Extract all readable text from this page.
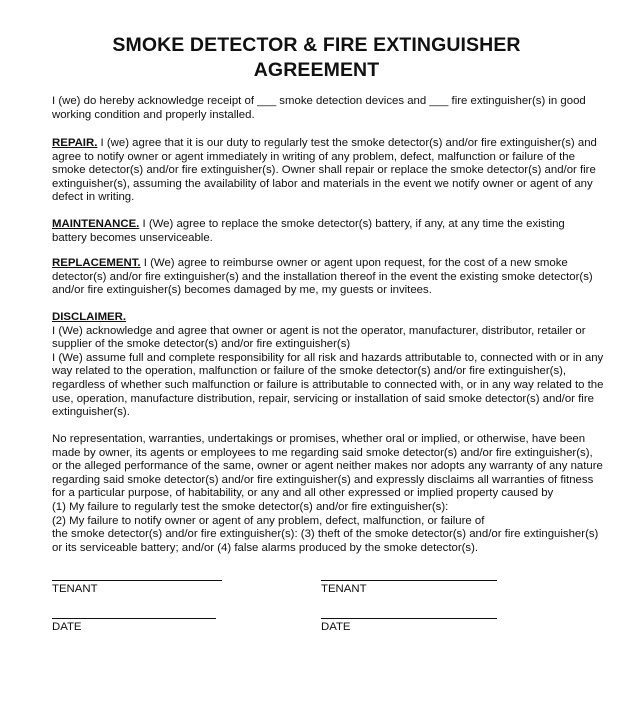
SMOKE DETECTOR & FIRE EXTINGUISHER
AGREEMENT
I (we) do hereby acknowledge receipt of ___ smoke detection devices and ___ fire extinguisher(s) in good
working condition and properly installed.
REPAIR. I (we) agree that it is our duty to regularly test the smoke detector(s) and/or fire extinguisher(s) and
agree to notify owner or agent immediately in writing of any problem, defect, malfunction or failure of the
smoke detector(s) and/or fire extinguisher(s). Owner shall repair or replace the smoke detector(s) and/or fire
extinguisher(s), assuming the availability of labor and materials in the event we notify owner or agent of any
defect in writing.
MAINTENANCE. I (We) agree to replace the smoke detector(s) battery, if any, at any time the existing
battery becomes unserviceable.
REPLACEMENT. I (We) agree to reimburse owner or agent upon request, for the cost of a new smoke
detector(s) and/or fire extinguisher(s) and the installation thereof in the event the existing smoke detector(s)
and/or fire extinguisher(s) becomes damaged by me, my guests or invitees.
DISCLAIMER.
I (We) acknowledge and agree that owner or agent is not the operator, manufacturer, distributor, retailer or
supplier of the smoke detector(s) and/or fire extinguisher(s)
I (We) assume full and complete responsibility for all risk and hazards attributable to, connected with or in any
way related to the operation, malfunction or failure of the smoke detector(s) and/or fire extinguisher(s),
regardless of whether such malfunction or failure is attributable to connected with, or in any way related to the
use, operation, manufacture distribution, repair, servicing or installation of said smoke detector(s) and/or fire
extinguisher(s).
No representation, warranties, undertakings or promises, whether oral or implied, or otherwise, have been
made by owner, its agents or employees to me regarding said smoke detector(s) and/or fire extinguisher(s),
or the alleged performance of the same, owner or agent neither makes nor adopts any warranty of any nature
regarding said smoke detector(s) and/or fire extinguisher(s) and expressly disclaims all warranties of fitness
for a particular purpose, of habitability, or any and all other expressed or implied property caused by
(1) My failure to regularly test the smoke detector(s) and/or fire extinguisher(s):
(2) My failure to notify owner or agent of any problem, defect, malfunction, or failure of
the smoke detector(s) and/or fire extinguisher(s): (3) theft of the smoke detector(s) and/or fire extinguisher(s)
or its serviceable battery; and/or (4) false alarms produced by the smoke detector(s).
TENANT	TENANT
DATE	DATE
